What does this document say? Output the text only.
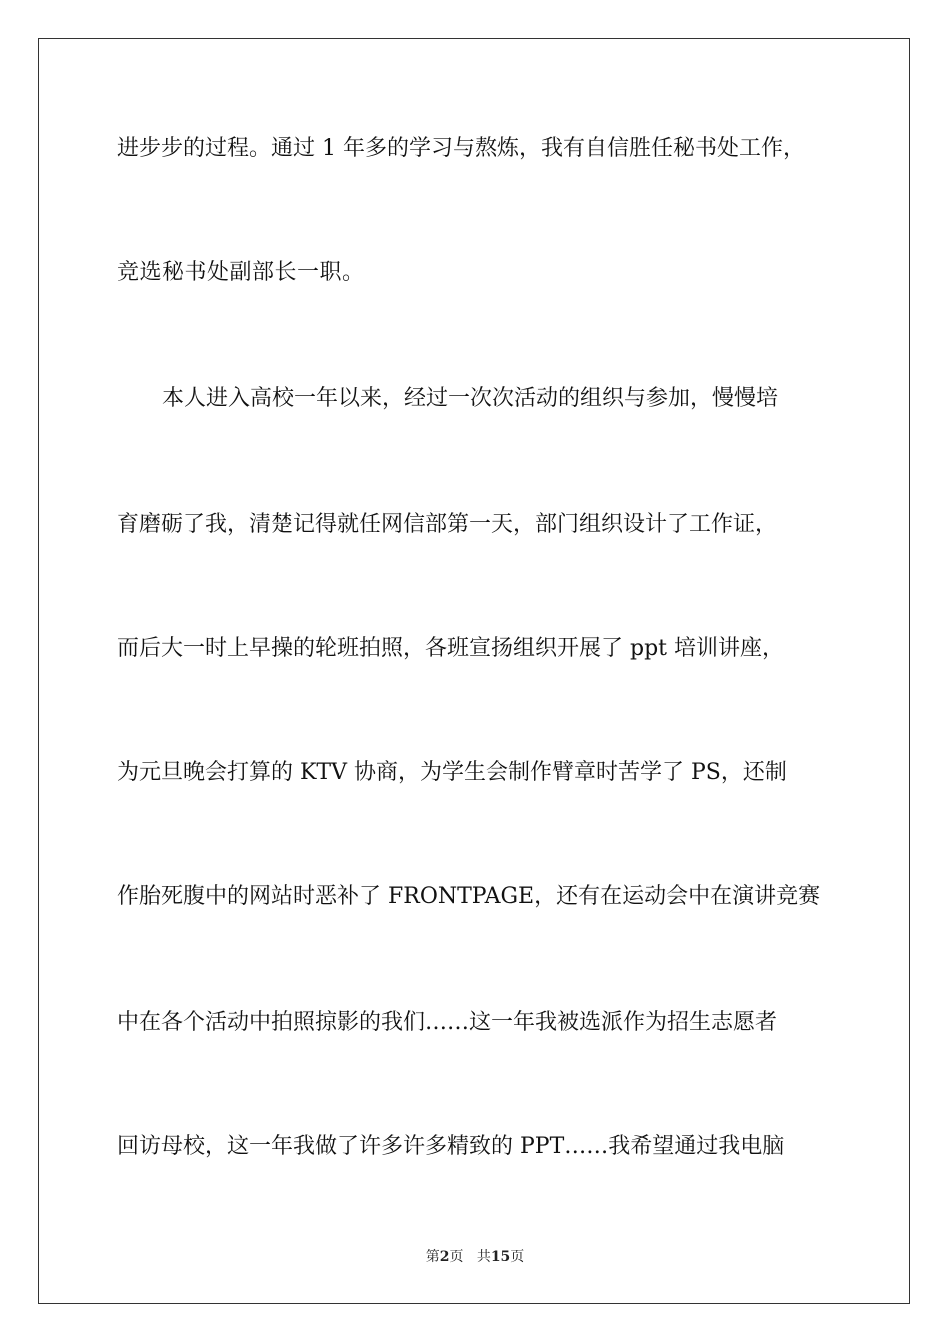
进步步的过程。通过 1 年多的学习与熬炼，我有自信胜任秘书处工作，
竞选秘书处副部长一职。
本人进入高校一年以来，经过一次次活动的组织与参加，慢慢培
育磨砺了我，清楚记得就任网信部第一天，部门组织设计了工作证，
而后大一时上早操的轮班拍照，各班宣扬组织开展了 ppt 培训讲座，
为元旦晚会打算的 KTV 协商，为学生会制作臂章时苦学了 PS，还制
作胎死腹中的网站时恶补了 FRONTPAGE，还有在运动会中在演讲竞赛
中在各个活动中拍照掠影的我们……这一年我被选派作为招生志愿者
回访母校，这一年我做了许多许多精致的 PPT……我希望通过我电脑
第2页 共15页
